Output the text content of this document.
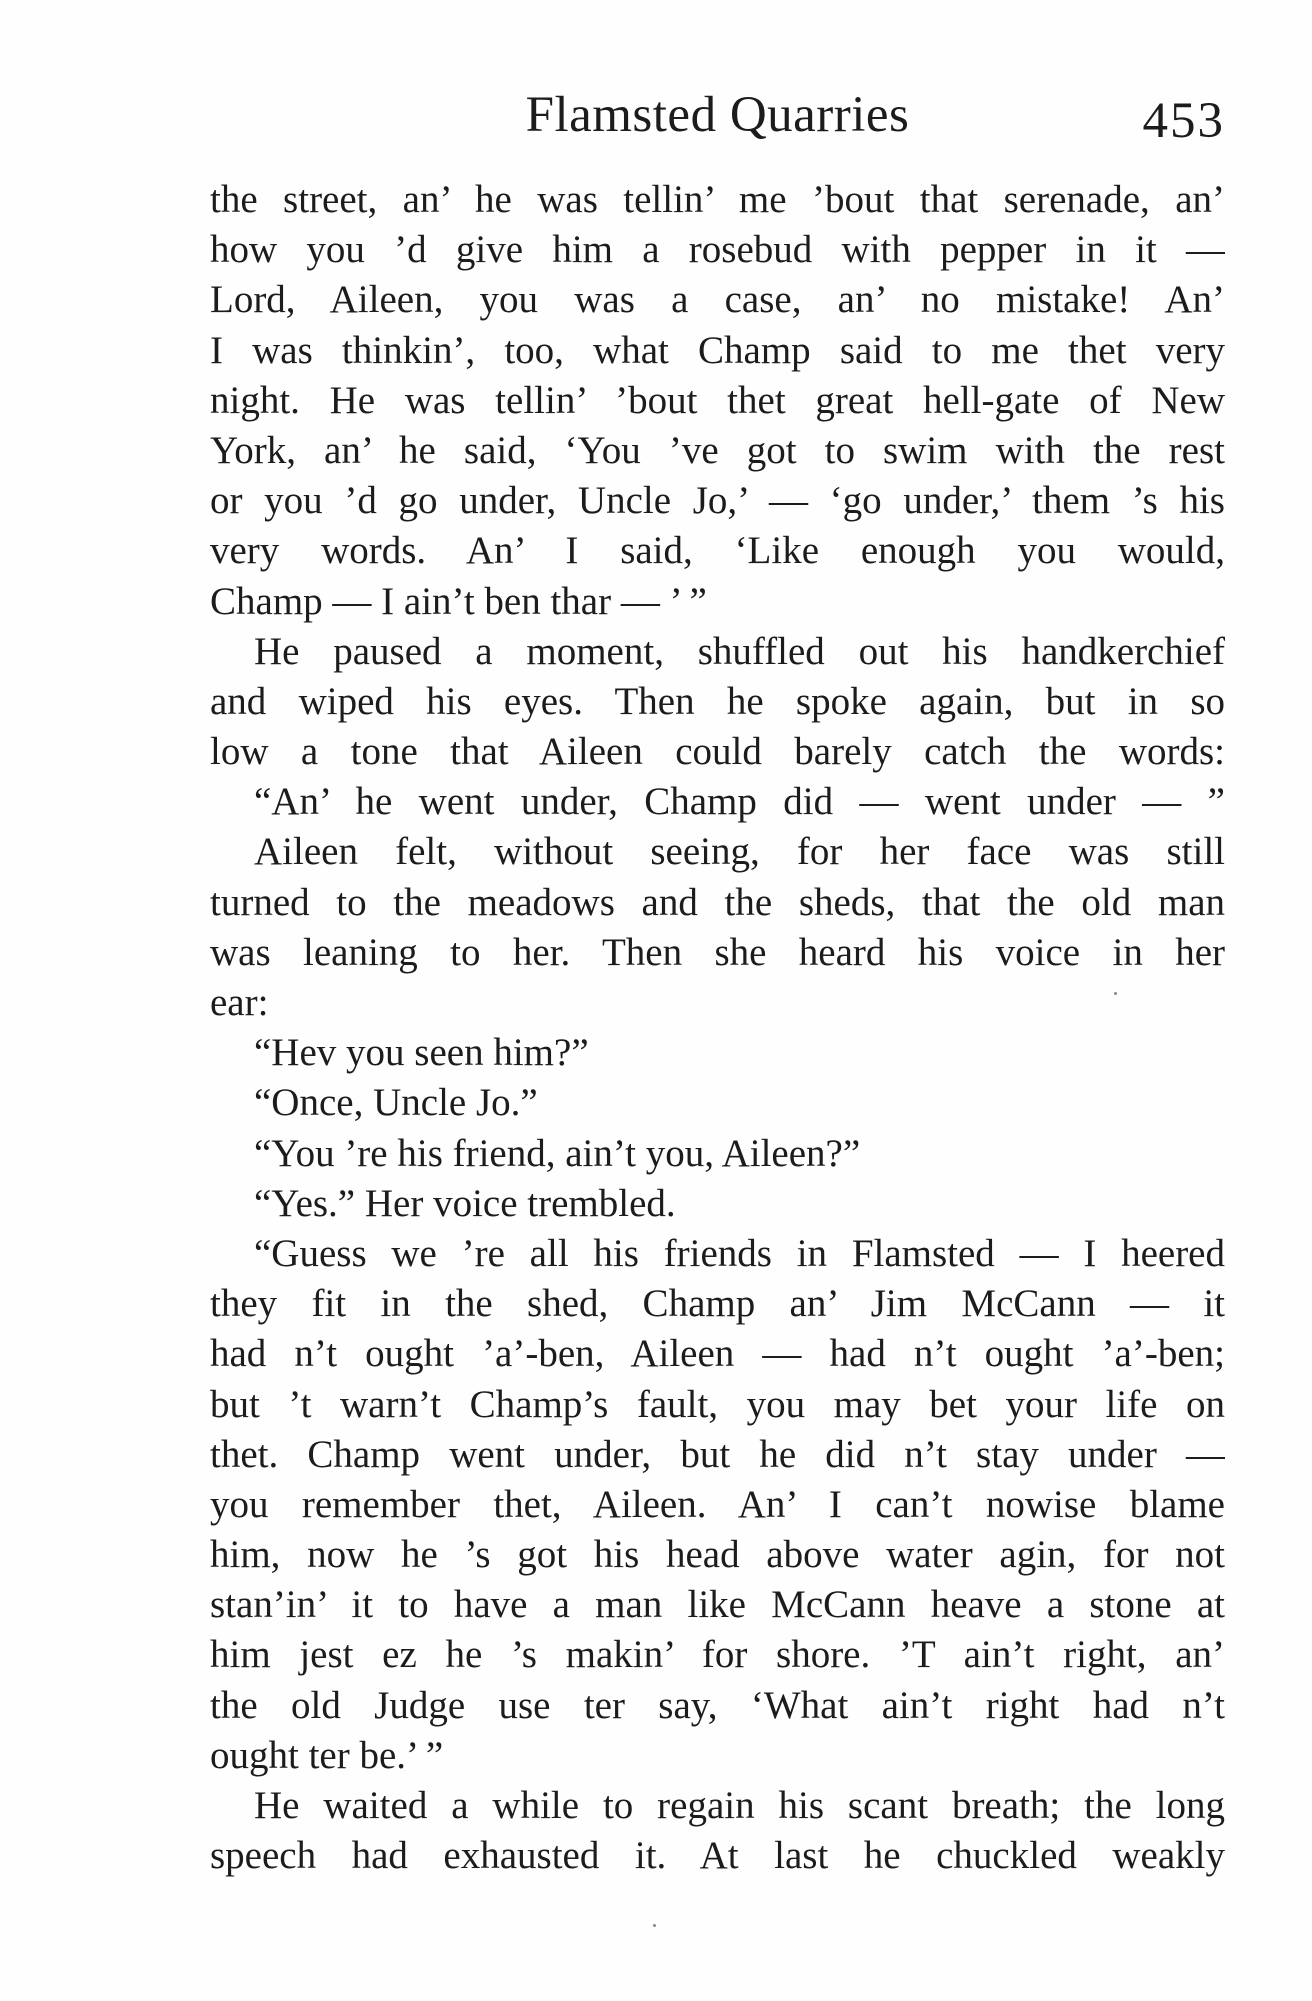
Flamsted Quarries	453
the street, an’ he was tellin’ me ’bout that serenade, an’
how you ’d give him a rosebud with pepper in it —
Lord, Aileen, you was a case, an’ no mistake! An’
I was thinkin’, too, what Champ said to me thet very
night. He was tellin’ ’bout thet great hell-gate of New
York, an’ he said, ‘You ’ve got to swim with the rest
or you ’d go under, Uncle Jo,’ — ‘go under,’ them ’s his
very words. An’ I said, ‘Like enough you would,
Champ — I ain’t ben thar — ’ ”
He paused a moment, shuffled out his handkerchief
and wiped his eyes. Then he spoke again, but in so
low a tone that Aileen could barely catch the words:
“An’ he went under, Champ did — went under — ”
Aileen felt, without seeing, for her face was still
turned to the meadows and the sheds, that the old man
was leaning to her. Then she heard his voice in her
ear:
“Hev you seen him?”
“Once, Uncle Jo.”
“You ’re his friend, ain’t you, Aileen?”
“Yes.” Her voice trembled.
“Guess we ’re all his friends in Flamsted — I heered
they fit in the shed, Champ an’ Jim McCann — it
had n’t ought ’a’-ben, Aileen — had n’t ought ’a’-ben;
but ’t warn’t Champ’s fault, you may bet your life on
thet. Champ went under, but he did n’t stay under —
you remember thet, Aileen. An’ I can’t nowise blame
him, now he ’s got his head above water agin, for not
stan’in’ it to have a man like McCann heave a stone at
him jest ez he ’s makin’ for shore. ’T ain’t right, an’
the old Judge use ter say, ‘What ain’t right had n’t
ought ter be.’ ”
He waited a while to regain his scant breath; the long
speech had exhausted it. At last he chuckled weakly
